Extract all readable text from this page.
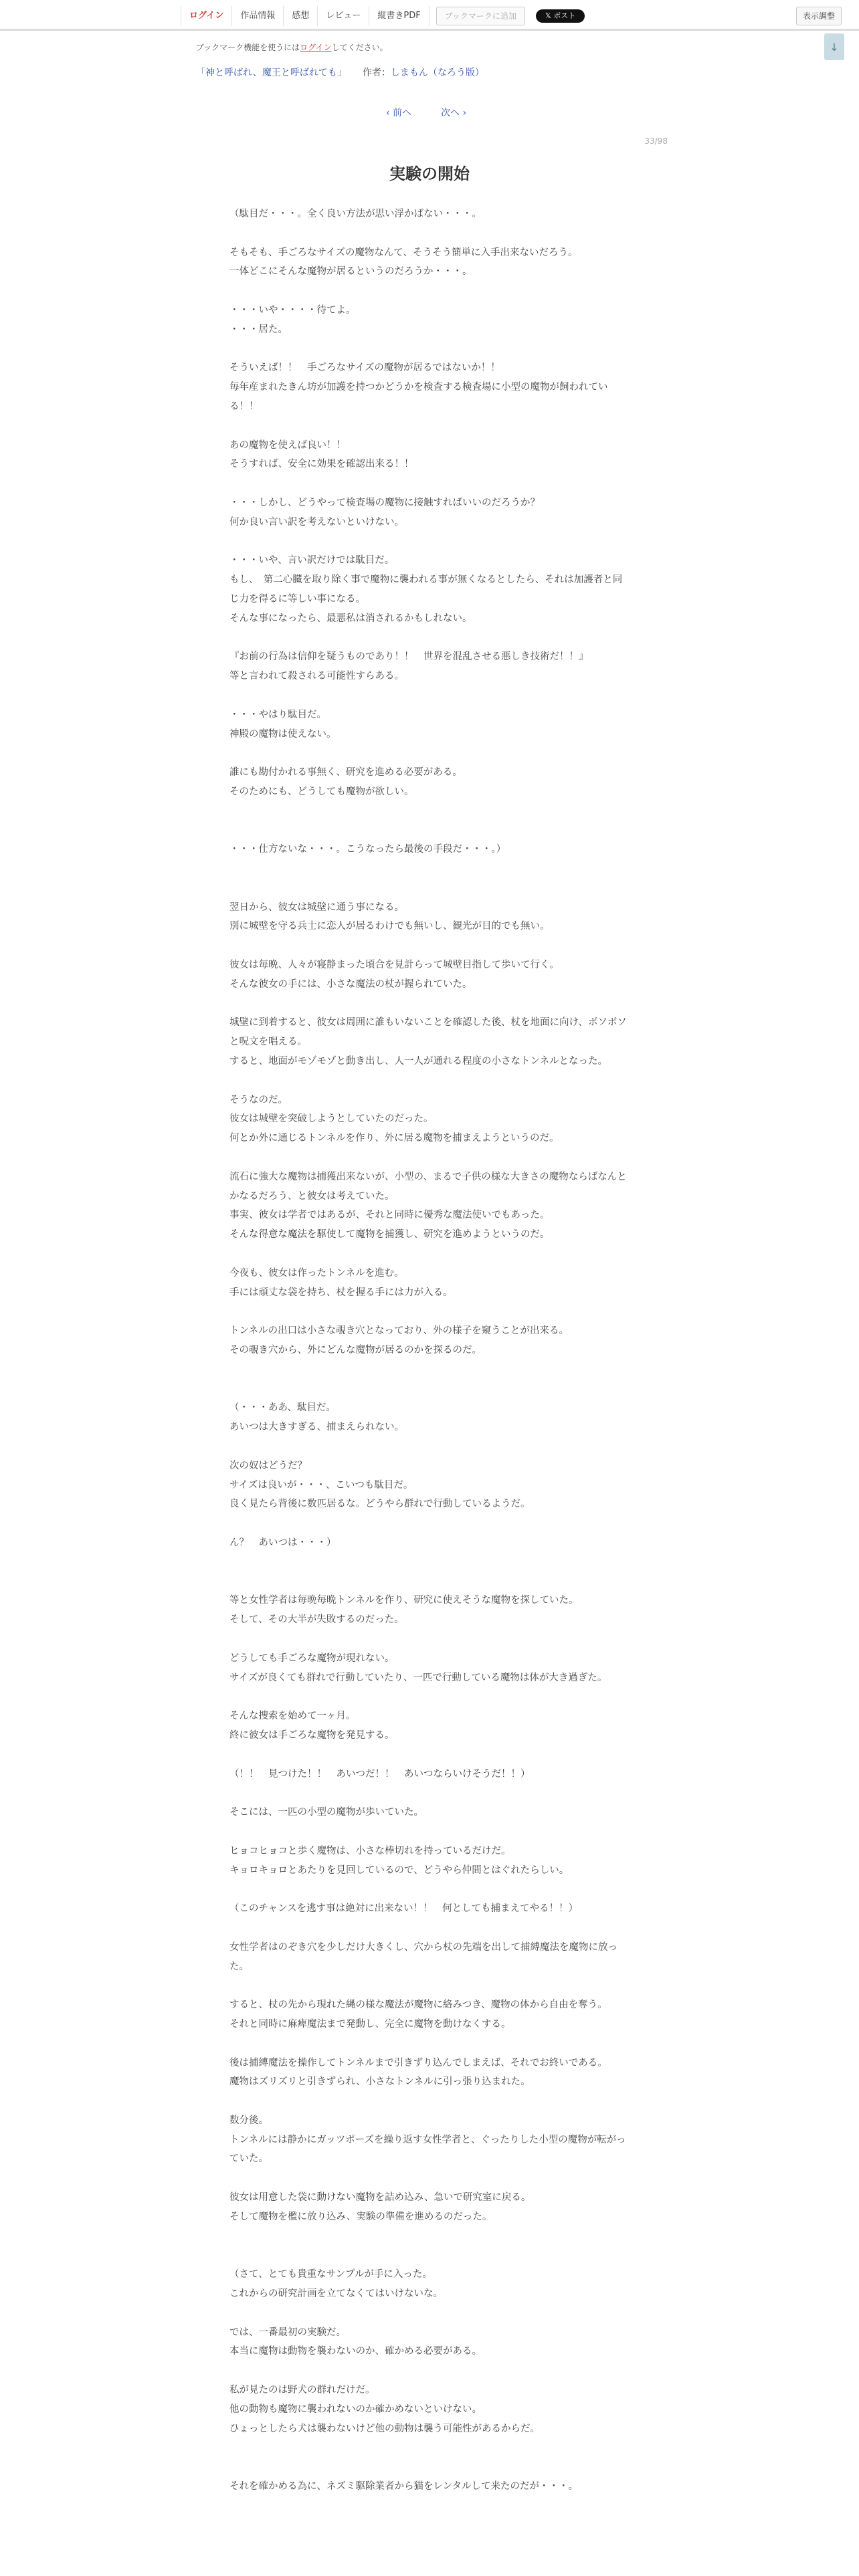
ログイン	作品情報	感想	レビュー	縦書きPDF	ブックマークに追加	𝕏 ポスト	表示調整
↓
ブックマーク機能を使うにはログインしてください。
「神と呼ばれ、魔王と呼ばれても」 作者：しまもん（なろう版）
‹ 前へ	次へ ›
33/98
実験の開始
（駄目だ・・・。全く良い方法が思い浮かばない・・・。

そもそも、手ごろなサイズの魔物なんて、そうそう簡単に入手出来ないだろう。
一体どこにそんな魔物が居るというのだろうか・・・。

・・・いや・・・・待てよ。
・・・居た。

そういえば！！　手ごろなサイズの魔物が居るではないか！！
毎年産まれたきん坊が加護を持つかどうかを検査する検査場に小型の魔物が飼われている！！

あの魔物を使えば良い！！
そうすれば、安全に効果を確認出来る！！

・・・しかし、どうやって検査場の魔物に接触すればいいのだろうか？
何か良い言い訳を考えないといけない。

・・・いや、言い訳だけでは駄目だ。
もし、　第二心臓を取り除く事で魔物に襲われる事が無くなるとしたら、それは加護者と同じ力を得るに等しい事になる。
そんな事になったら、最悪私は消されるかもしれない。

『お前の行為は信仰を疑うものであり！！　世界を混乱させる悪しき技術だ！！』
等と言われて殺される可能性すらある。

・・・やはり駄目だ。
神殿の魔物は使えない。

誰にも勘付かれる事無く、研究を進める必要がある。
そのためにも、どうしても魔物が欲しい。

・・・仕方ないな・・・。こうなったら最後の手段だ・・・。）

翌日から、彼女は城壁に通う事になる。
別に城壁を守る兵士に恋人が居るわけでも無いし、観光が目的でも無い。

彼女は毎晩、人々が寝静まった頃合を見計らって城壁目指して歩いて行く。
そんな彼女の手には、小さな魔法の杖が握られていた。

城壁に到着すると、彼女は周囲に誰もいないことを確認した後、杖を地面に向け、ボソボソと呪文を唱える。
すると、地面がモゾモゾと動き出し、人一人が通れる程度の小さなトンネルとなった。

そうなのだ。
彼女は城壁を突破しようとしていたのだった。
何とか外に通じるトンネルを作り、外に居る魔物を捕まえようというのだ。

流石に強大な魔物は捕獲出来ないが、小型の、まるで子供の様な大きさの魔物ならばなんとかなるだろう、と彼女は考えていた。
事実、彼女は学者ではあるが、それと同時に優秀な魔法使いでもあった。
そんな得意な魔法を駆使して魔物を捕獲し、研究を進めようというのだ。

今夜も、彼女は作ったトンネルを進む。
手には頑丈な袋を持ち、杖を握る手には力が入る。

トンネルの出口は小さな覗き穴となっており、外の様子を窺うことが出来る。
その覗き穴から、外にどんな魔物が居るのかを探るのだ。

（・・・ああ、駄目だ。
あいつは大きすぎる、捕まえられない。

次の奴はどうだ？
サイズは良いが・・・、こいつも駄目だ。
良く見たら背後に数匹居るな。どうやら群れで行動しているようだ。

ん？　あいつは・・・）

等と女性学者は毎晩毎晩トンネルを作り、研究に使えそうな魔物を探していた。
そして、その大半が失敗するのだった。

どうしても手ごろな魔物が現れない。
サイズが良くても群れで行動していたり、一匹で行動している魔物は体が大き過ぎた。

そんな捜索を始めて一ヶ月。
終に彼女は手ごろな魔物を発見する。

（！！　見つけた！！　あいつだ！！　あいつならいけそうだ！！）

そこには、一匹の小型の魔物が歩いていた。

ヒョコヒョコと歩く魔物は、小さな棒切れを持っているだけだ。
キョロキョロとあたりを見回しているので、どうやら仲間とはぐれたらしい。

（このチャンスを逃す事は絶対に出来ない！！　何としても捕まえてやる！！）

女性学者はのぞき穴を少しだけ大きくし、穴から杖の先端を出して捕縛魔法を魔物に放った。

すると、杖の先から現れた縄の様な魔法が魔物に絡みつき、魔物の体から自由を奪う。
それと同時に麻痺魔法まで発動し、完全に魔物を動けなくする。

後は捕縛魔法を操作してトンネルまで引きずり込んでしまえば、それでお終いである。
魔物はズリズリと引きずられ、小さなトンネルに引っ張り込まれた。

数分後。
トンネルには静かにガッツポーズを繰り返す女性学者と、ぐったりした小型の魔物が転がっていた。

彼女は用意した袋に動けない魔物を詰め込み、急いで研究室に戻る。
そして魔物を檻に放り込み、実験の準備を進めるのだった。

（さて、とても貴重なサンプルが手に入った。
これからの研究計画を立てなくてはいけないな。

では、一番最初の実験だ。
本当に魔物は動物を襲わないのか、確かめる必要がある。

私が見たのは野犬の群れだけだ。
他の動物も魔物に襲われないのか確かめないといけない。
ひょっとしたら犬は襲わないけど他の動物は襲う可能性があるからだ。

それを確かめる為に、ネズミ駆除業者から猫をレンタルして来たのだが・・・。
